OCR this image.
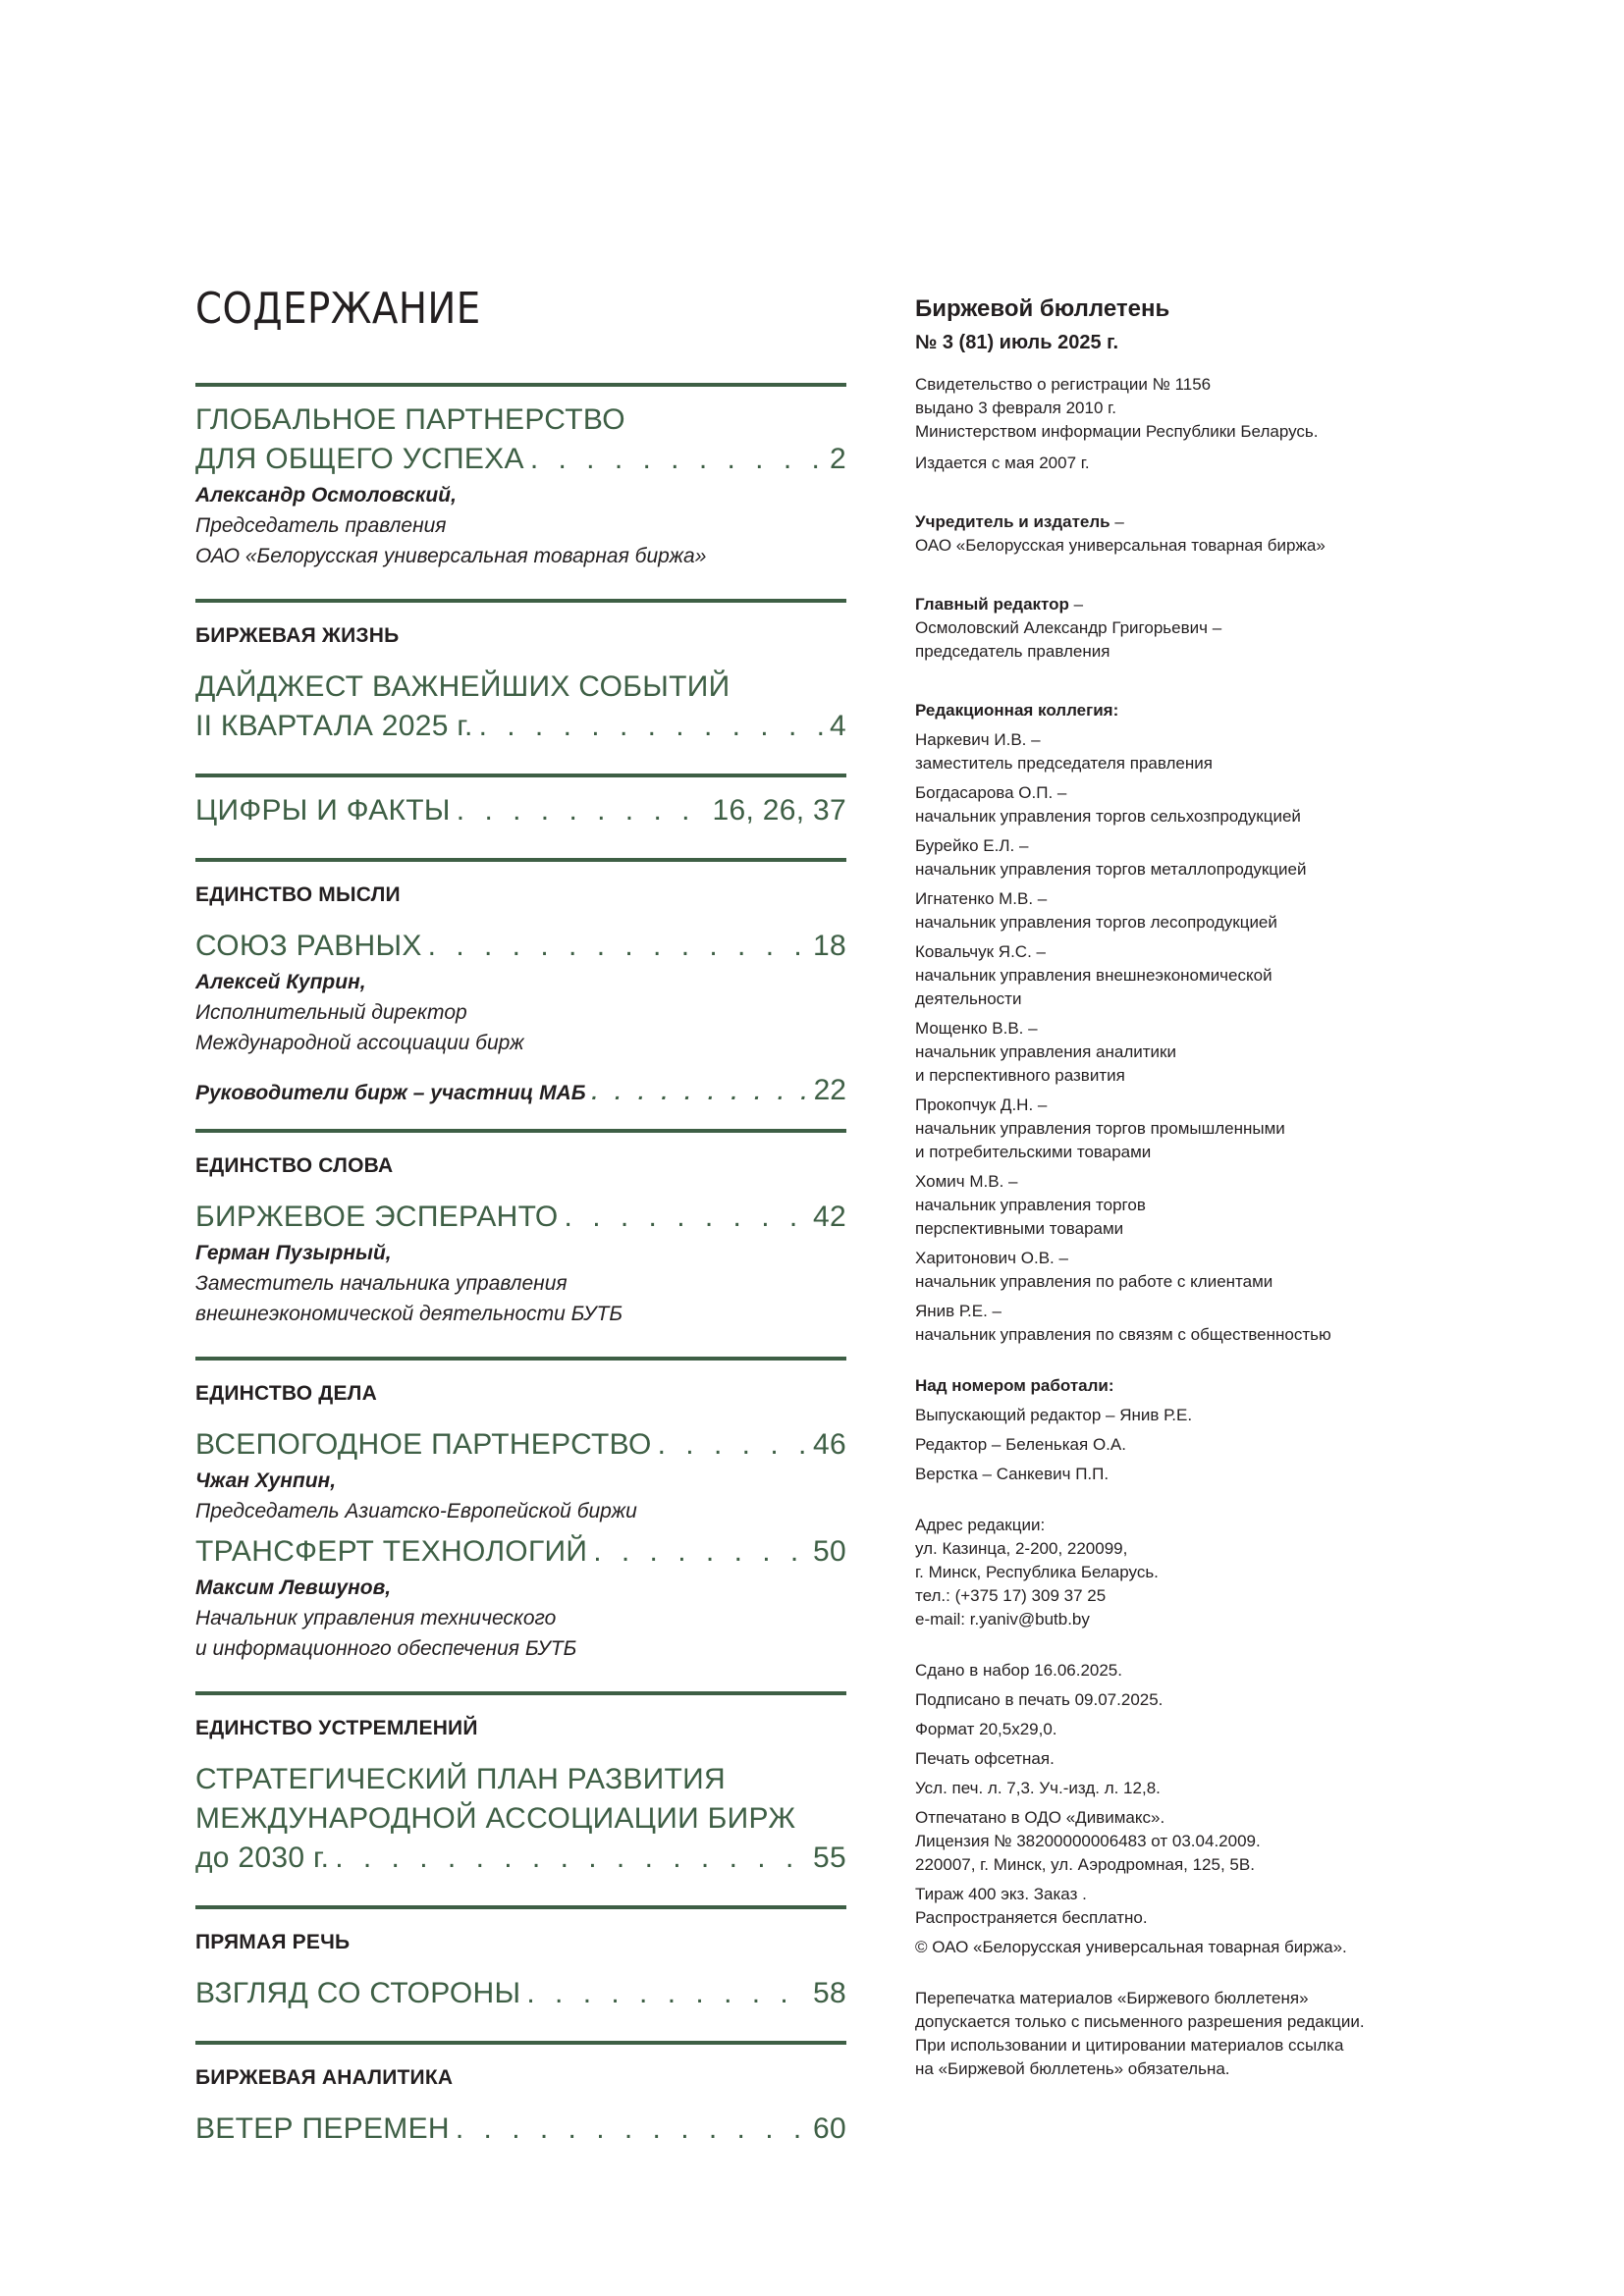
СОДЕРЖАНИЕ
ГЛОБАЛЬНОЕ ПАРТНЕРСТВО
ДЛЯ ОБЩЕГО УСПЕХА . . .	2
Александр Осмоловский,
Председатель правления
ОАО «Белорусская универсальная товарная биржа»
БИРЖЕВАЯ ЖИЗНЬ
ДАЙДЖЕСТ ВАЖНЕЙШИХ СОБЫТИЙ
II КВАРТАЛА 2025 г. . . .	4
ЦИФРЫ И ФАКТЫ . . .	16, 26, 37
ЕДИНСТВО МЫСЛИ
СОЮЗ РАВНЫХ . . .	18
Алексей Куприн,
Исполнительный директор
Международной ассоциации бирж
Руководители бирж – участниц МАБ . . .	22
ЕДИНСТВО СЛОВА
БИРЖЕВОЕ ЭСПЕРАНТО . . .	42
Герман Пузырный,
Заместитель начальника управления
внешнеэкономической деятельности БУТБ
ЕДИНСТВО ДЕЛА
ВСЕПОГОДНОЕ ПАРТНЕРСТВО . . .	46
Чжан Хунпин,
Председатель Азиатско-Европейской биржи
ТРАНСФЕРТ ТЕХНОЛОГИЙ . . .	50
Максим Левшунов,
Начальник управления технического
и информационного обеспечения БУТБ
ЕДИНСТВО УСТРЕМЛЕНИЙ
СТРАТЕГИЧЕСКИЙ ПЛАН РАЗВИТИЯ
МЕЖДУНАРОДНОЙ АССОЦИАЦИИ БИРЖ
до 2030 г. . . .	55
ПРЯМАЯ РЕЧЬ
ВЗГЛЯД СО СТОРОНЫ . . .	58
БИРЖЕВАЯ АНАЛИТИКА
ВЕТЕР ПЕРЕМЕН . . .	60
Биржевой бюллетень
№ 3 (81) июль 2025 г.
Свидетельство о регистрации № 1156
выдано 3 февраля 2010 г.
Министерством информации Республики Беларусь.
Издается с мая 2007 г.
Учредитель и издатель –
ОАО «Белорусская универсальная товарная биржа»
Главный редактор –
Осмоловский Александр Григорьевич –
председатель правления
Редакционная коллегия:
Наркевич И.В. –
заместитель председателя правления
Богдасарова О.П. –
начальник управления торгов сельхозпродукцией
Бурейко Е.Л. –
начальник управления торгов металлопродукцией
Игнатенко М.В. –
начальник управления торгов лесопродукцией
Ковальчук Я.С. –
начальник управления внешнеэкономической
деятельности
Мощенко В.В. –
начальник управления аналитики
и перспективного развития
Прокопчук Д.Н. –
начальник управления торгов промышленными
и потребительскими товарами
Хомич М.В. –
начальник управления торгов
перспективными товарами
Харитонович О.В. –
начальник управления по работе с клиентами
Янив Р.Е. –
начальник управления по связям с общественностью
Над номером работали:
Выпускающий редактор – Янив Р.Е.
Редактор – Беленькая О.А.
Верстка – Санкевич П.П.
Адрес редакции:
ул. Казинца, 2-200, 220099,
г. Минск, Республика Беларусь.
тел.: (+375 17) 309 37 25
e-mail: r.yaniv@butb.by
Сдано в набор 16.06.2025.
Подписано в печать 09.07.2025.
Формат 20,5x29,0.
Печать офсетная.
Усл. печ. л. 7,3. Уч.-изд. л. 12,8.
Отпечатано в ОДО «Дивимакс».
Лицензия № 38200000006483 от 03.04.2009.
220007, г. Минск, ул. Аэродромная, 125, 5В.
Тираж 400 экз. Заказ .
Распространяется бесплатно.
© ОАО «Белорусская универсальная товарная биржа».
Перепечатка материалов «Биржевого бюллетеня»
допускается только с письменного разрешения редакции.
При использовании и цитировании материалов ссылка
на «Биржевой бюллетень» обязательна.
